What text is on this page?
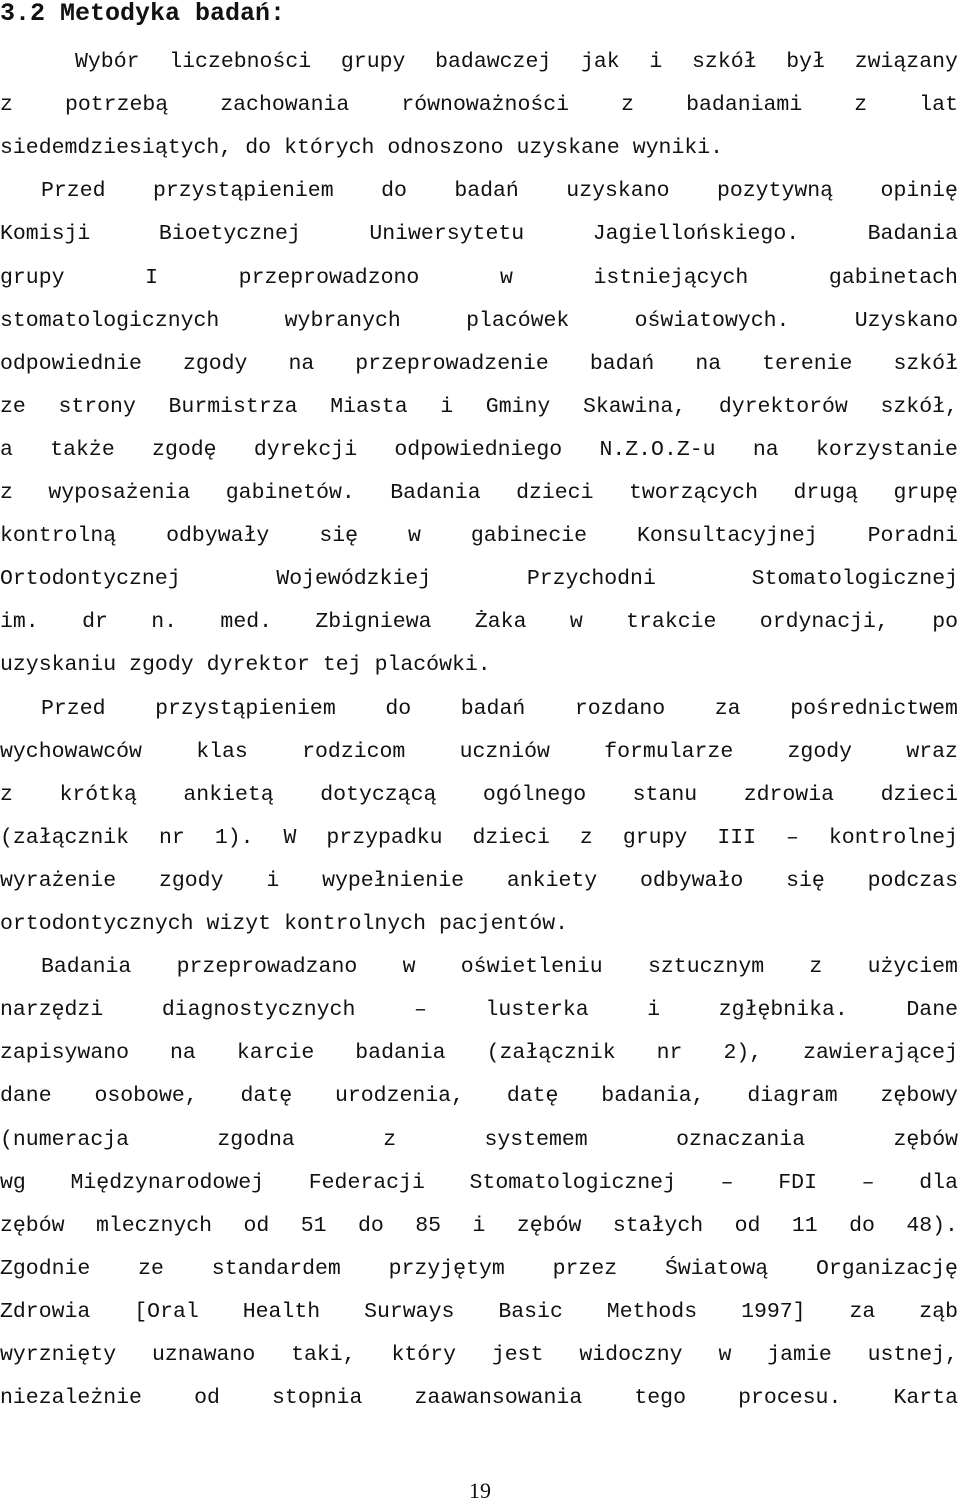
3.2 Metodyka badań:
Wybór liczebności grupy badawczej jak i szkół był związany
z potrzebą zachowania równoważności z badaniami z lat
siedemdziesiątych, do których odnoszono uzyskane wyniki.
Przed przystąpieniem do badań uzyskano pozytywną opinię
Komisji	Bioetycznej	Uniwersytetu	Jagiellońskiego.	Badania
grupy	I	przeprowadzono	w	istniejących	gabinetach
stomatologicznych	wybranych	placówek	oświatowych.	Uzyskano
odpowiednie zgody na przeprowadzenie badań na terenie szkół
ze strony Burmistrza Miasta i Gminy Skawina, dyrektorów szkół,
a także zgodę dyrekcji odpowiedniego N.Z.O.Z-u na korzystanie
z wyposażenia gabinetów. Badania dzieci tworzących drugą grupę
kontrolną odbywały się w gabinecie Konsultacyjnej Poradni
Ortodontycznej	Wojewódzkiej	Przychodni	Stomatologicznej
im. dr n. med. Zbigniewa Żaka w trakcie ordynacji, po
uzyskaniu zgody dyrektor tej placówki.
Przed przystąpieniem do badań rozdano za pośrednictwem
wychowawców	klas	rodzicom	uczniów	formularze	zgody	wraz
z krótką ankietą dotyczącą ogólnego stanu zdrowia dzieci
(załącznik nr 1). W przypadku dzieci z grupy III – kontrolnej
wyrażenie zgody i wypełnienie ankiety odbywało się podczas
ortodontycznych wizyt kontrolnych pacjentów.
Badania przeprowadzano w oświetleniu sztucznym z użyciem
narzędzi	diagnostycznych	–	lusterka	i	zgłębnika.	Dane
zapisywano na karcie badania (załącznik nr 2), zawierającej
dane osobowe, datę urodzenia, datę badania, diagram zębowy
(numeracja	zgodna	z	systemem	oznaczania	zębów
wg Międzynarodowej Federacji Stomatologicznej – FDI – dla
zębów mlecznych od 51 do 85 i zębów stałych od 11 do 48).
Zgodnie ze standardem przyjętym przez Światową Organizację
Zdrowia [Oral Health Surways Basic Methods 1997] za ząb
wyrznięty uznawano taki, który jest widoczny w jamie ustnej,
niezależnie od stopnia zaawansowania tego procesu. Karta
19
